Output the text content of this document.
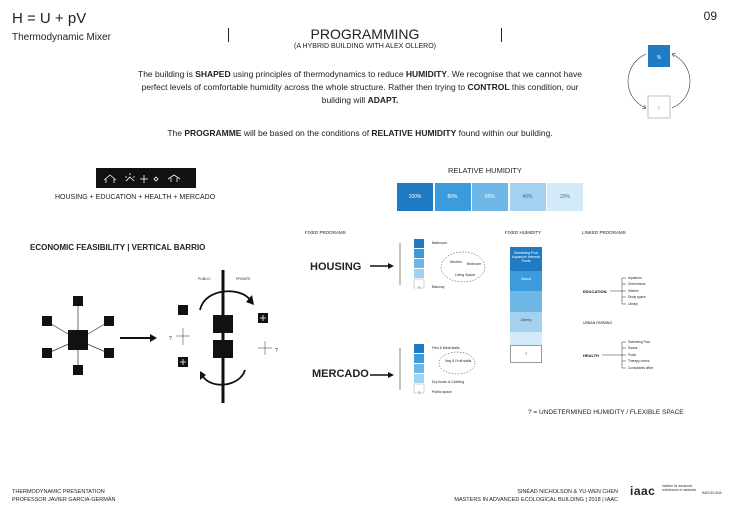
H = U + pV
Thermodynamic Mixer
09
PROGRAMMING
(A HYBRID BUILDING WITH ALEX OLLERO)
The building is SHAPED using principles of thermodynamics to reduce HUMIDITY. We recognise that we cannot have
perfect levels of comfortable humidity across the whole structure. Rather then trying to CONTROL this condition, our
building will ADAPT.
The PROGRAMME will be based on the conditions of RELATIVE HUMIDITY found within our building.
%
!
RELATIVE HUMIDITY
100%	80%	60%	40%	20%
HOUSING + EDUCATION + HEALTH + MERCADO
ECONOMIC FEASIBILITY | VERTICAL BARRIO
PUBLIC	PRIVATE
?
?
FIXED PROGRAMS
HOUSING
MERCADO
Bathroom
Kitchen Bedroom
Living Space
Balcony
?
Fish & Meat stalls
Veg & Fruit stalls
Dry foods & Clothing
Public space
?
FIXED HUMIDITY
Swimming Pool Aquarium Internal Pools
Sauna
Library
?
LINKED PROGRAMS
EDUCATION
Aquarium
Greenhouse
Kitchen
Study space
Library
URBAN FARMING
HEALTH
Swimming Pool
Sauna
Pools
Therapy rooms
Consultants office
? = UNDETERMINED HUMIDITY / FLEXIBLE SPACE
THERMODYNAMIC PRESENTATION
PROFESSOR JAVIER GARCIA-GERMÁN
SINÉAD NICHOLSON & YU-WEN CHEN
MASTERS IN ADVANCED ECOLOGICAL BUILDING | 2018 | IAAC
iaac institute for advanced architecture of catalonia
BARCELONA
